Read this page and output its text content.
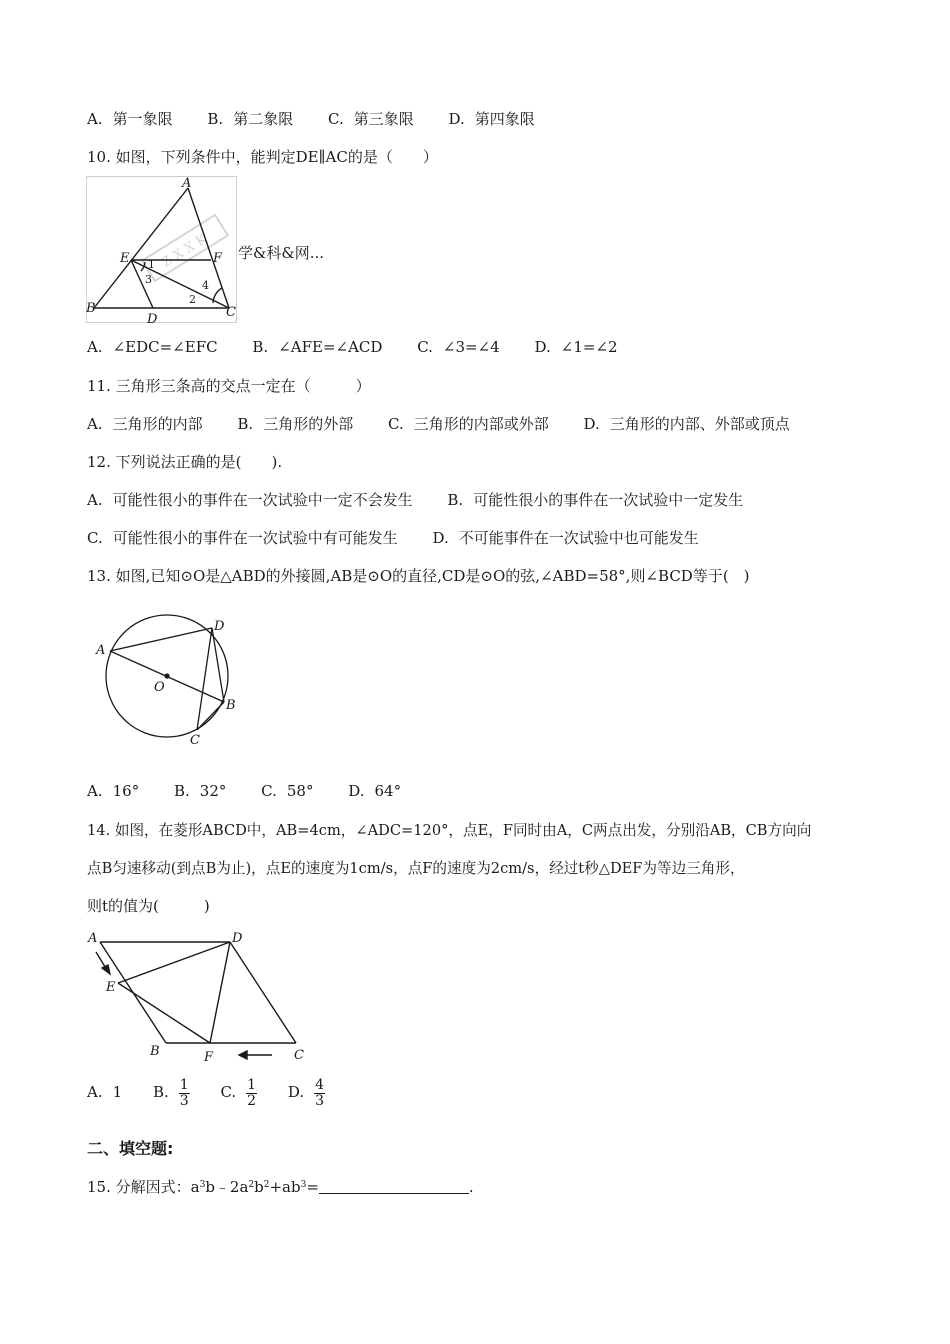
A. 第一象限 B. 第二象限 C. 第三象限 D. 第四象限
10. 如图，下列条件中，能判定DE∥AC的是（　　）
Z X X K
A
B	C
D
E	F
1
3
2
4
学&科&网...
A. ∠EDC=∠EFC B. ∠AFE=∠ACD C. ∠3=∠4 D. ∠1=∠2
11. 三角形三条高的交点一定在（　　　）
A. 三角形的内部 B. 三角形的外部 C. 三角形的内部或外部 D. 三角形的内部、外部或顶点
12. 下列说法正确的是(　　).
A. 可能性很小的事件在一次试验中一定不会发生 B. 可能性很小的事件在一次试验中一定发生
C. 可能性很小的事件在一次试验中有可能发生 D. 不可能事件在一次试验中也可能发生
13. 如图,已知⊙O是△ABD的外接圆,AB是⊙O的直径,CD是⊙O的弦,∠ABD=58°,则∠BCD等于(　)
A
D
B
C
O
A. 16° B. 32° C. 58° D. 64°
14. 如图，在菱形ABCD中，AB=4cm，∠ADC=120°，点E，F同时由A，C两点出发，分别沿AB，CB方向向
点B匀速移动(到点B为止)，点E的速度为1cm/s，点F的速度为2cm/s，经过t秒△DEF为等边三角形，
则t的值为(　　　)
A	D
C
B	F
E
A. 1 B. $\frac{1}{3} C$. $\frac{1}{2} D$. $\frac{4}{3}$
二、填空题:
15. 分解因式：$a^3b﹣2a^2b^2+ab^3=$	.
